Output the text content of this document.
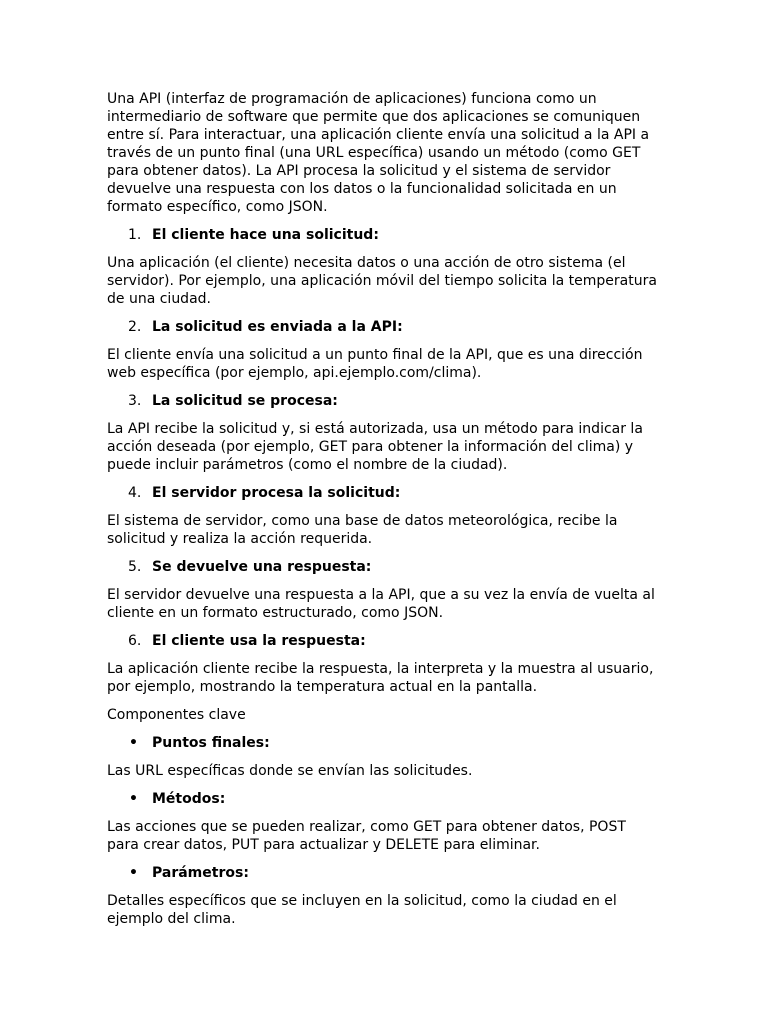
Una API (interfaz de programación de aplicaciones) funciona como un intermediario de software que permite que dos aplicaciones se comuniquen entre sí. Para interactuar, una aplicación cliente envía una solicitud a la API a través de un punto final (una URL específica) usando un método (como GET para obtener datos). La API procesa la solicitud y el sistema de servidor devuelve una respuesta con los datos o la funcionalidad solicitada en un formato específico, como JSON.

1. El cliente hace una solicitud:

Una aplicación (el cliente) necesita datos o una acción de otro sistema (el servidor). Por ejemplo, una aplicación móvil del tiempo solicita la temperatura de una ciudad.

2. La solicitud es enviada a la API:

El cliente envía una solicitud a un punto final de la API, que es una dirección web específica (por ejemplo, api.ejemplo.com/clima).

3. La solicitud se procesa:

La API recibe la solicitud y, si está autorizada, usa un método para indicar la acción deseada (por ejemplo, GET para obtener la información del clima) y puede incluir parámetros (como el nombre de la ciudad).

4. El servidor procesa la solicitud:

El sistema de servidor, como una base de datos meteorológica, recibe la solicitud y realiza la acción requerida.

5. Se devuelve una respuesta:

El servidor devuelve una respuesta a la API, que a su vez la envía de vuelta al cliente en un formato estructurado, como JSON.

6. El cliente usa la respuesta:

La aplicación cliente recibe la respuesta, la interpreta y la muestra al usuario, por ejemplo, mostrando la temperatura actual en la pantalla.

Componentes clave

• Puntos finales:

Las URL específicas donde se envían las solicitudes.

• Métodos:

Las acciones que se pueden realizar, como GET para obtener datos, POST para crear datos, PUT para actualizar y DELETE para eliminar.

• Parámetros:

Detalles específicos que se incluyen en la solicitud, como la ciudad en el ejemplo del clima.
